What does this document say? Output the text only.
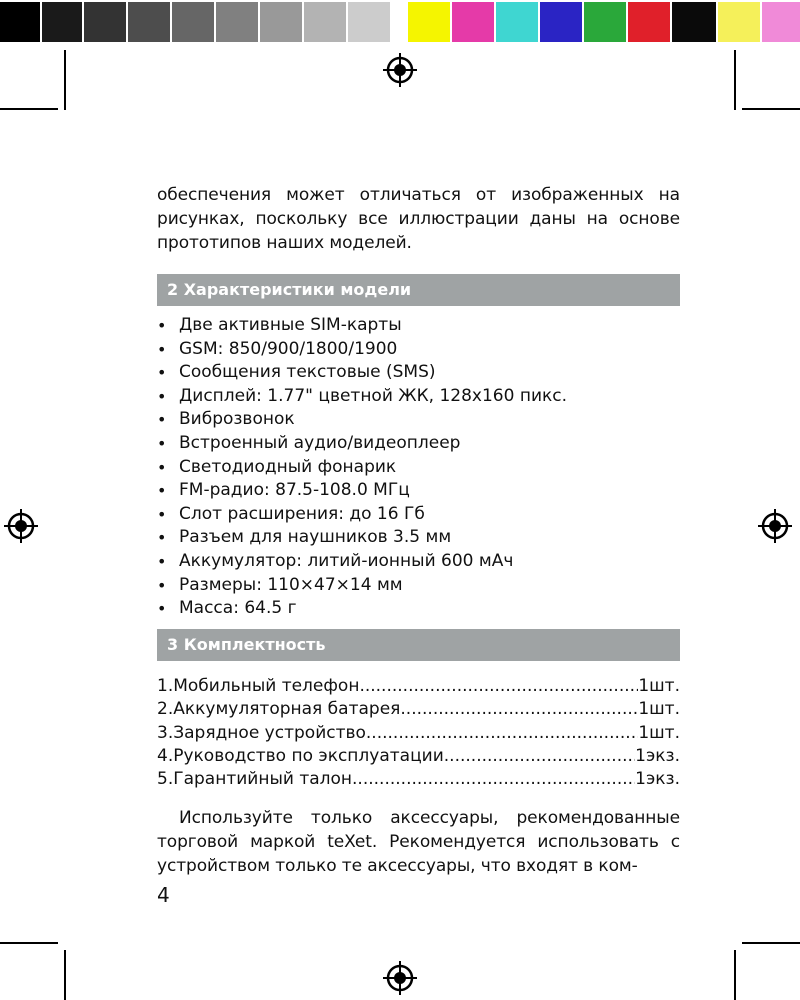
обеспечения может отличаться от изображенных на рисунках, поскольку все иллюстрации даны на основе прототипов наших моделей.

2 Характеристики модели
• Две активные SIM-карты
• GSM: 850/900/1800/1900
• Сообщения текстовые (SMS)
• Дисплей: 1.77" цветной ЖК, 128x160 пикс.
• Виброзвонок
• Встроенный аудио/видеоплеер
• Светодиодный фонарик
• FM-радио: 87.5-108.0 МГц
• Слот расширения: до 16 Гб
• Разъем для наушников 3.5 мм
• Аккумулятор: литий-ионный 600 мАч
• Размеры: 110×47×14 мм
• Масса: 64.5 г
3 Комплектность
1.Мобильный телефон .....	1шт.
2.Аккумуляторная батарея .....	1шт.
3.Зарядное устройство .....	1шт.
4.Руководство по эксплуатации .....	1экз.
5.Гарантийный талон .....	1экз.

Используйте только аксессуары, рекомендованные торговой маркой teXet. Рекомендуется использовать с устройством только те аксессуары, что входят в ком-

4
